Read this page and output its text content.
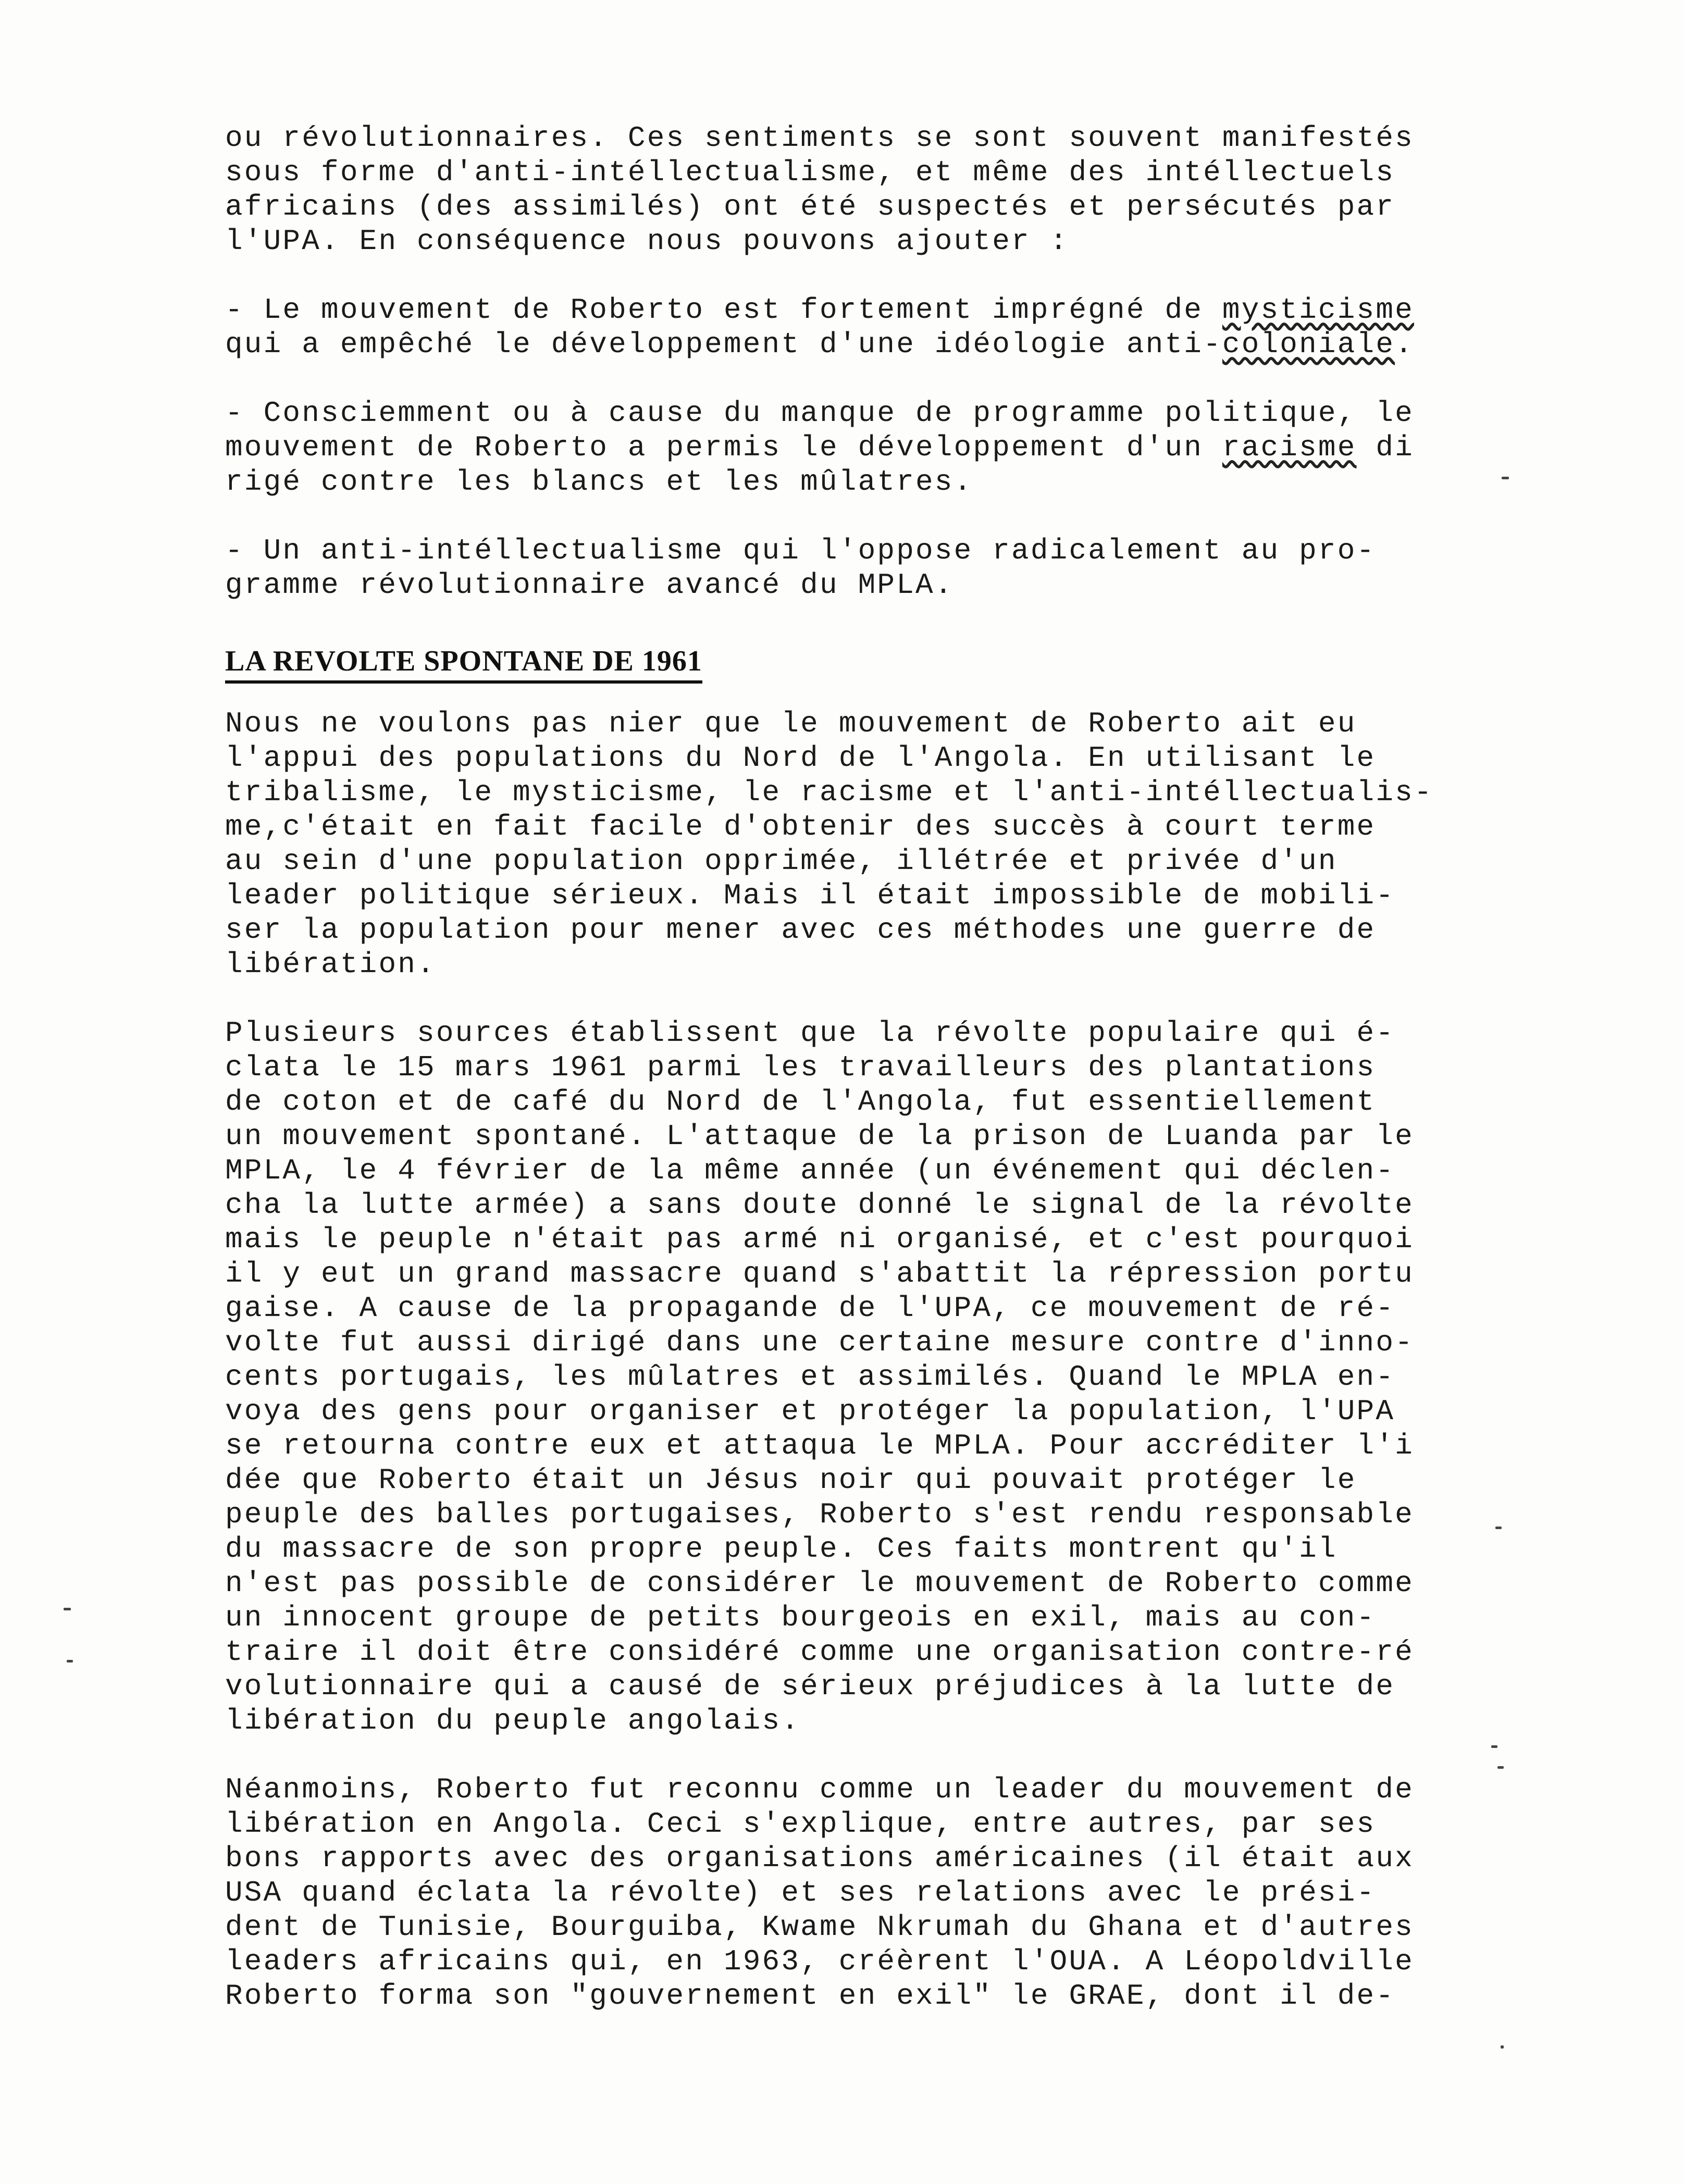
ou révolutionnaires. Ces sentiments se sont souvent manifestés
sous forme d'anti-intéllectualisme, et même des intéllectuels
africains (des assimilés) ont été suspectés et persécutés par
l'UPA. En conséquence nous pouvons ajouter :
- Le mouvement de Roberto est fortement imprégné de mysticisme
qui a empêché le développement d'une idéologie anti-coloniale.
- Consciemment ou à cause du manque de programme politique, le
mouvement de Roberto a permis le développement d'un racisme di
rigé contre les blancs et les mûlatres.
- Un anti-intéllectualisme qui l'oppose radicalement au pro-
gramme révolutionnaire avancé du MPLA.
Nous ne voulons pas nier que le mouvement de Roberto ait eu
l'appui des populations du Nord de l'Angola. En utilisant le
tribalisme, le mysticisme, le racisme et l'anti-intéllectualis-
me,c'était en fait facile d'obtenir des succès à court terme
au sein d'une population opprimée, illétrée et privée d'un
leader politique sérieux. Mais il était impossible de mobili-
ser la population pour mener avec ces méthodes une guerre de
libération.
Plusieurs sources établissent que la révolte populaire qui é-
clata le 15 mars 1961 parmi les travailleurs des plantations
de coton et de café du Nord de l'Angola, fut essentiellement
un mouvement spontané. L'attaque de la prison de Luanda par le
MPLA, le 4 février de la même année (un événement qui déclen-
cha la lutte armée) a sans doute donné le signal de la révolte
mais le peuple n'était pas armé ni organisé, et c'est pourquoi
il y eut un grand massacre quand s'abattit la répression portu
gaise. A cause de la propagande de l'UPA, ce mouvement de ré-
volte fut aussi dirigé dans une certaine mesure contre d'inno-
cents portugais, les mûlatres et assimilés. Quand le MPLA en-
voya des gens pour organiser et protéger la population, l'UPA
se retourna contre eux et attaqua le MPLA. Pour accréditer l'i
dée que Roberto était un Jésus noir qui pouvait protéger le
peuple des balles portugaises, Roberto s'est rendu responsable
du massacre de son propre peuple. Ces faits montrent qu'il
n'est pas possible de considérer le mouvement de Roberto comme
un innocent groupe de petits bourgeois en exil, mais au con-
traire il doit être considéré comme une organisation contre-ré
volutionnaire qui a causé de sérieux préjudices à la lutte de
libération du peuple angolais.
Néanmoins, Roberto fut reconnu comme un leader du mouvement de
libération en Angola. Ceci s'explique, entre autres, par ses
bons rapports avec des organisations américaines (il était aux
USA quand éclata la révolte) et ses relations avec le prési-
dent de Tunisie, Bourguiba, Kwame Nkrumah du Ghana et d'autres
leaders africains qui, en 1963, créèrent l'OUA. A Léopoldville
Roberto forma son "gouvernement en exil" le GRAE, dont il de-
LA REVOLTE SPONTANE DE 1961
